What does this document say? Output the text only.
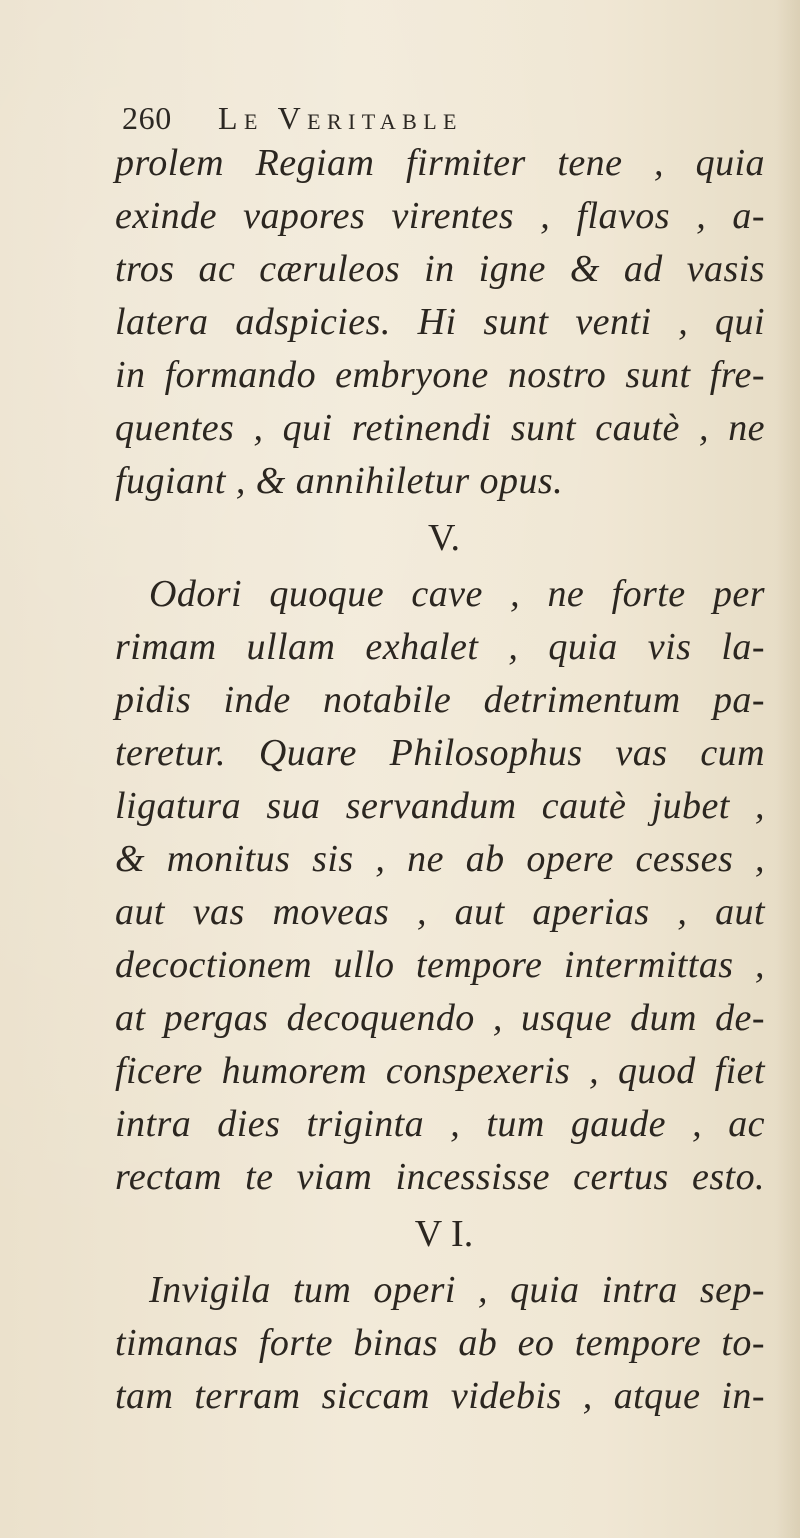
260 Le Veritable
prolem Regiam firmiter tene , quia
exinde vapores virentes , flavos , a-
tros ac cæruleos in igne & ad vasis
latera adspicies. Hi sunt venti , qui
in formando embryone nostro sunt fre-
quentes , qui retinendi sunt cautè , ne
fugiant , & annihiletur opus.
V.
Odori quoque cave , ne forte per
rimam ullam exhalet , quia vis la-
pidis inde notabile detrimentum pa-
teretur. Quare Philosophus vas cum
ligatura sua servandum cautè jubet ,
& monitus sis , ne ab opere cesses ,
aut vas moveas , aut aperias , aut
decoctionem ullo tempore intermittas ,
at pergas decoquendo , usque dum de-
ficere humorem conspexeris , quod fiet
intra dies triginta , tum gaude , ac
rectam te viam incessisse certus esto.
V I.
Invigila tum operi , quia intra sep-
timanas forte binas ab eo tempore to-
tam terram siccam videbis , atque in-
